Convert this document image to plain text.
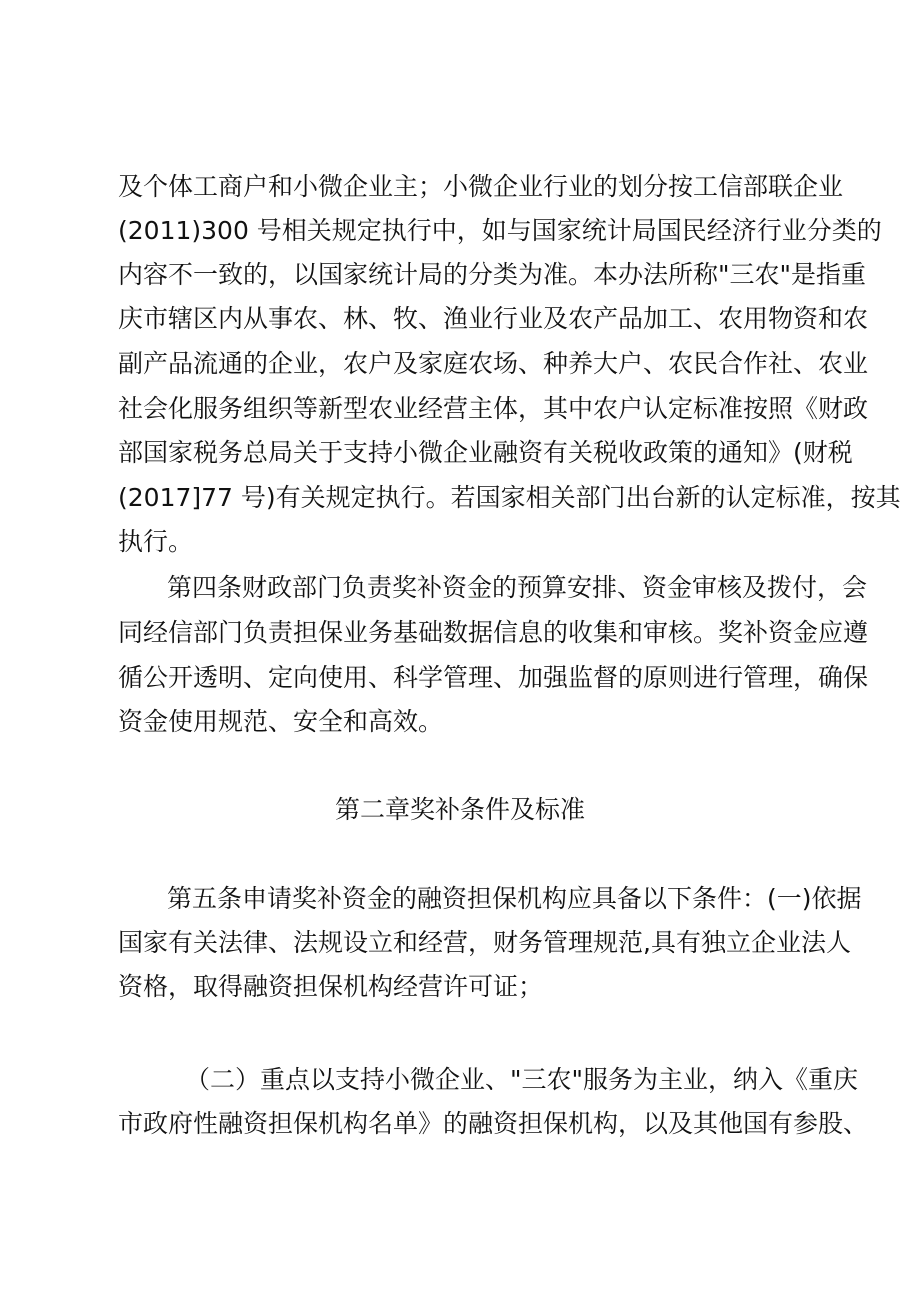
及个体工商户和小微企业主；小微企业行业的划分按工信部联企业
(2011)300 号相关规定执行中，如与国家统计局国民经济行业分类的
内容不一致的，以国家统计局的分类为准。本办法所称"三农"是指重
庆市辖区内从事农、林、牧、渔业行业及农产品加工、农用物资和农
副产品流通的企业，农户及家庭农场、种养大户、农民合作社、农业
社会化服务组织等新型农业经营主体，其中农户认定标准按照《财政
部国家税务总局关于支持小微企业融资有关税收政策的通知》(财税
(2017]77 号)有关规定执行。若国家相关部门出台新的认定标准，按其
执行。
第四条财政部门负责奖补资金的预算安排、资金审核及拨付，会
同经信部门负责担保业务基础数据信息的收集和审核。奖补资金应遵
循公开透明、定向使用、科学管理、加强监督的原则进行管理，确保
资金使用规范、安全和高效。
第二章奖补条件及标准
第五条申请奖补资金的融资担保机构应具备以下条件：(一)依据
国家有关法律、法规设立和经营，财务管理规范,具有独立企业法人
资格，取得融资担保机构经营许可证；
（二）重点以支持小微企业、"三农"服务为主业，纳入《重庆
市政府性融资担保机构名单》的融资担保机构，以及其他国有参股、
